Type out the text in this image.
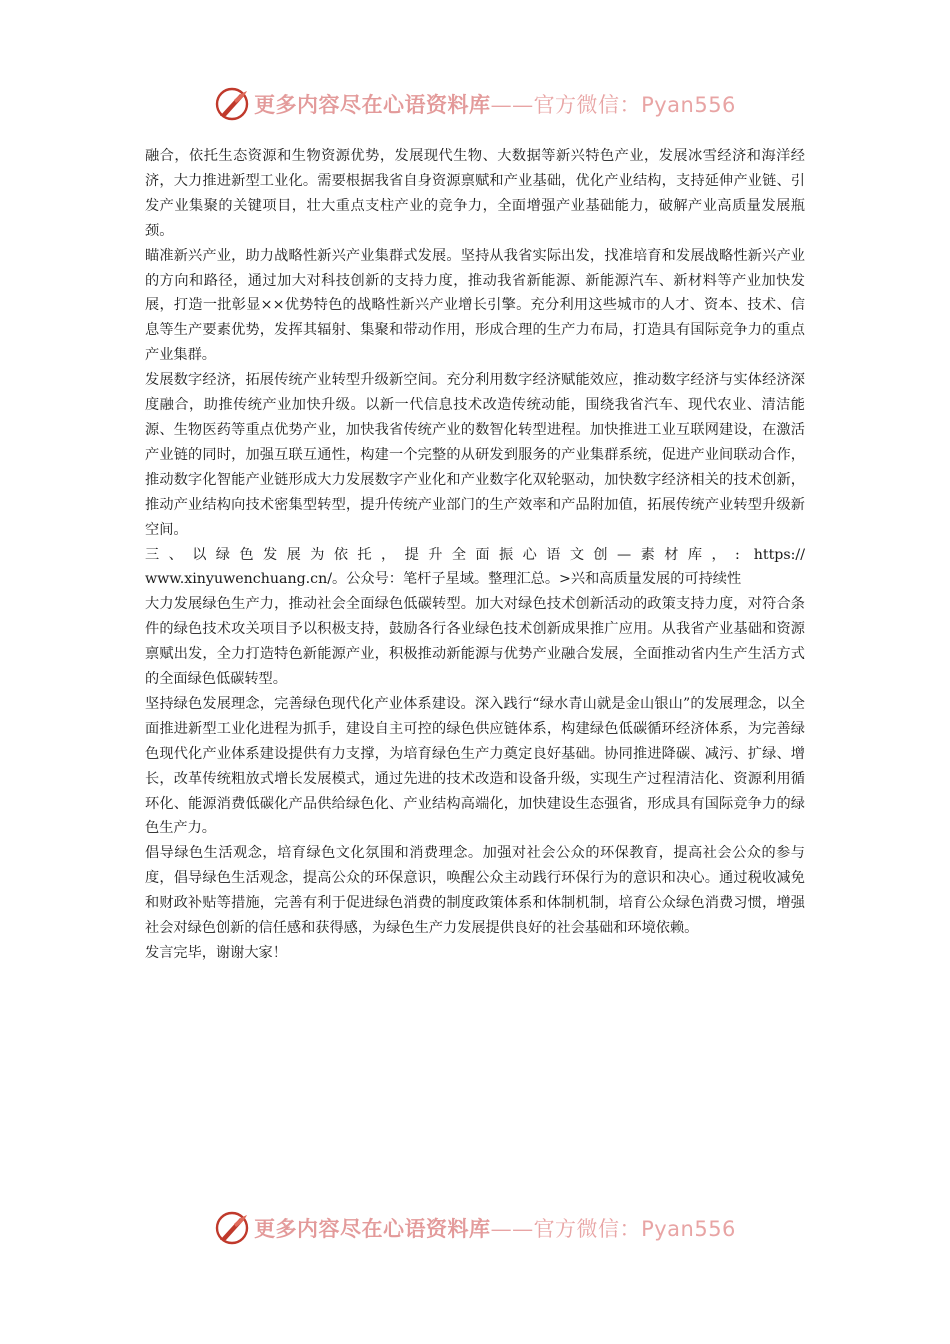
更多内容尽在心语资料库——官方微信：Pyan556

融合，依托生态资源和生物资源优势，发展现代生物、大数据等新兴特色产业，发展冰雪经济和海洋经济，大力推进新型工业化。需要根据我省自身资源禀赋和产业基础，优化产业结构，支持延伸产业链、引发产业集聚的关键项目，壮大重点支柱产业的竞争力，全面增强产业基础能力，破解产业高质量发展瓶颈。

瞄准新兴产业，助力战略性新兴产业集群式发展。坚持从我省实际出发，找准培育和发展战略性新兴产业的方向和路径，通过加大对科技创新的支持力度，推动我省新能源、新能源汽车、新材料等产业加快发展，打造一批彰显××优势特色的战略性新兴产业增长引擎。充分利用这些城市的人才、资本、技术、信息等生产要素优势，发挥其辐射、集聚和带动作用，形成合理的生产力布局，打造具有国际竞争力的重点产业集群。

发展数字经济，拓展传统产业转型升级新空间。充分利用数字经济赋能效应，推动数字经济与实体经济深度融合，助推传统产业加快升级。以新一代信息技术改造传统动能，围绕我省汽车、现代农业、清洁能源、生物医药等重点优势产业，加快我省传统产业的数智化转型进程。加快推进工业互联网建设，在激活产业链的同时，加强互联互通性，构建一个完整的从研发到服务的产业集群系统，促进产业间联动合作，推动数字化智能产业链形成大力发展数字产业化和产业数字化双轮驱动，加快数字经济相关的技术创新，推动产业结构向技术密集型转型，提升传统产业部门的生产效率和产品附加值，拓展传统产业转型升级新空间。

三、以绿色发展为依托，提升全面振心语文创—素材库，: https://

www.xinyuwenchuang.cn/。公众号：笔杆子星域。整理汇总。>兴和高质量发展的可持续性

大力发展绿色生产力，推动社会全面绿色低碳转型。加大对绿色技术创新活动的政策支持力度，对符合条件的绿色技术攻关项目予以积极支持，鼓励各行各业绿色技术创新成果推广应用。从我省产业基础和资源禀赋出发，全力打造特色新能源产业，积极推动新能源与优势产业融合发展，全面推动省内生产生活方式的全面绿色低碳转型。

坚持绿色发展理念，完善绿色现代化产业体系建设。深入践行“绿水青山就是金山银山”的发展理念，以全面推进新型工业化进程为抓手，建设自主可控的绿色供应链体系，构建绿色低碳循环经济体系，为完善绿色现代化产业体系建设提供有力支撑，为培育绿色生产力奠定良好基础。协同推进降碳、减污、扩绿、增长，改革传统粗放式增长发展模式，通过先进的技术改造和设备升级，实现生产过程清洁化、资源利用循环化、能源消费低碳化产品供给绿色化、产业结构高端化，加快建设生态强省，形成具有国际竞争力的绿色生产力。

倡导绿色生活观念，培育绿色文化氛围和消费理念。加强对社会公众的环保教育，提高社会公众的参与度，倡导绿色生活观念，提高公众的环保意识，唤醒公众主动践行环保行为的意识和决心。通过税收减免和财政补贴等措施，完善有利于促进绿色消费的制度政策体系和体制机制，培育公众绿色消费习惯，增强社会对绿色创新的信任感和获得感，为绿色生产力发展提供良好的社会基础和环境依赖。

发言完毕，谢谢大家！

更多内容尽在心语资料库——官方微信：Pyan556
